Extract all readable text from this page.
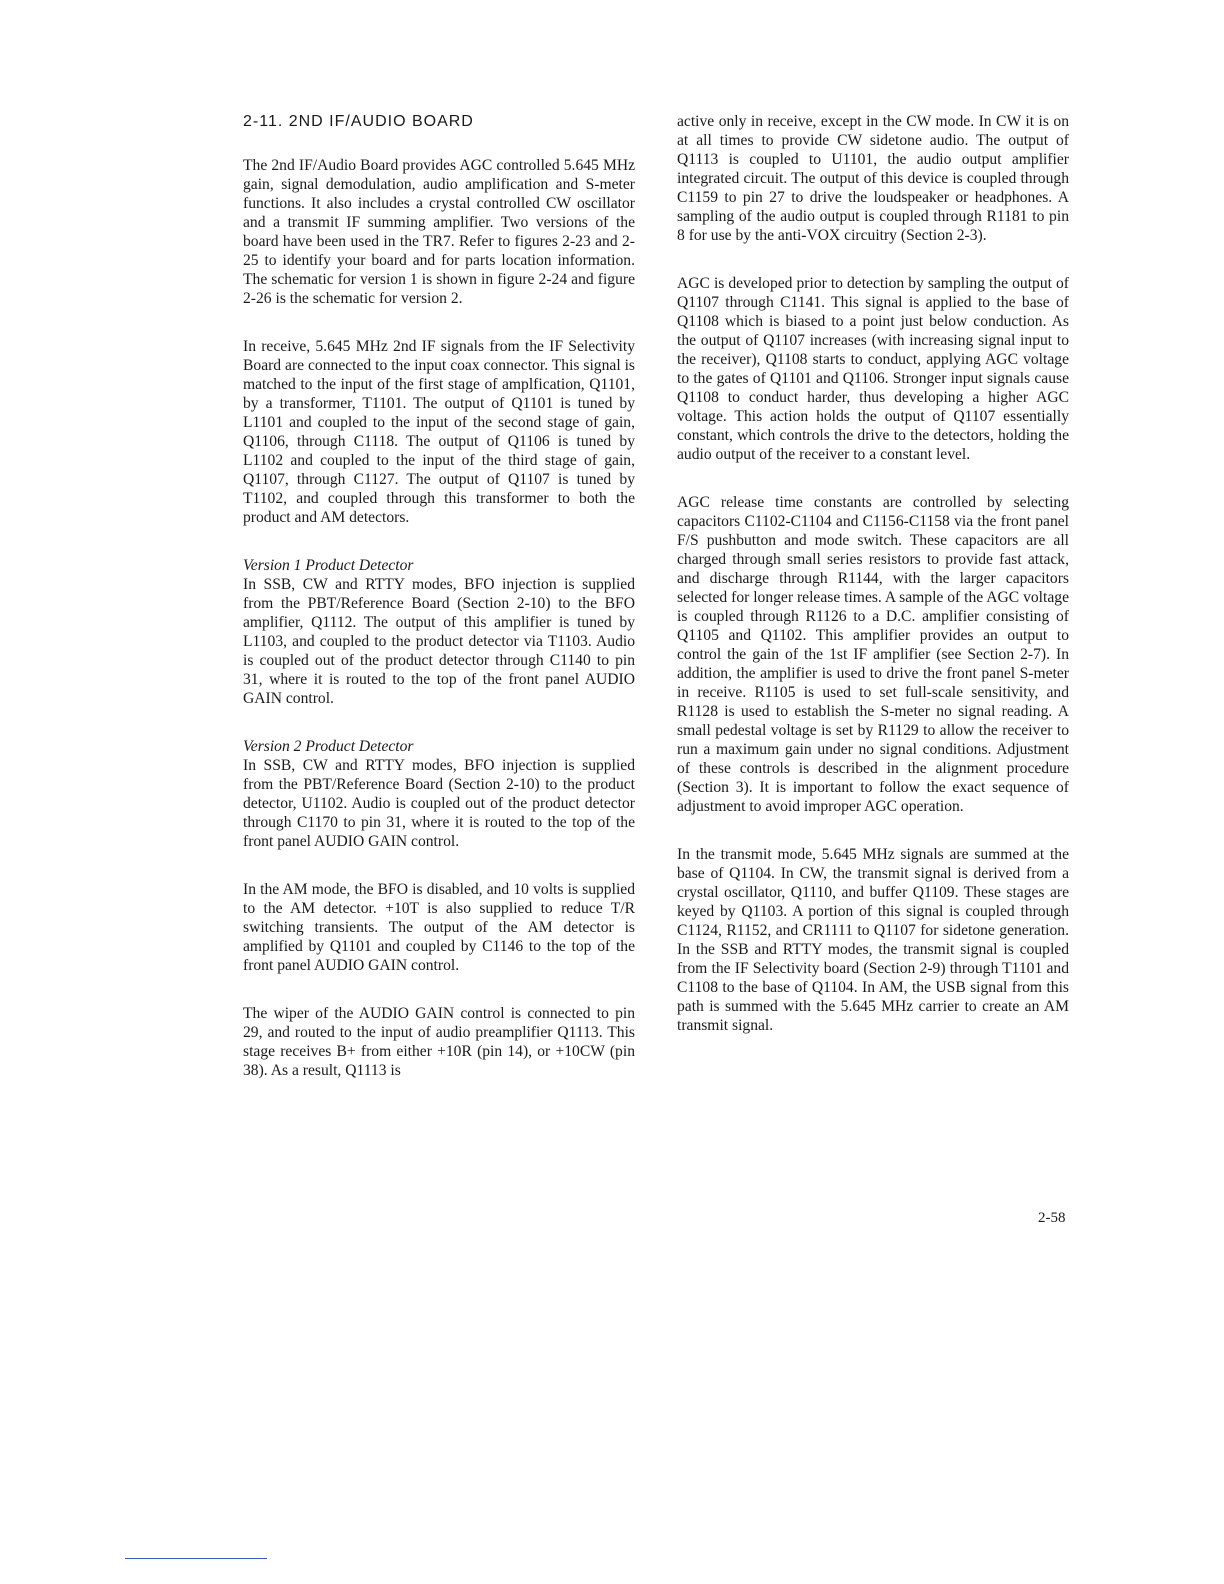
2-11. 2ND IF/AUDIO BOARD

The 2nd IF/Audio Board provides AGC controlled 5.645 MHz gain, signal demodulation, audio amplification and S-meter functions. It also includes a crystal controlled CW oscillator and a transmit IF summing amplifier. Two versions of the board have been used in the TR7. Refer to figures 2-23 and 2-25 to identify your board and for parts location information. The schematic for version 1 is shown in figure 2-24 and figure 2-26 is the schematic for version 2.

In receive, 5.645 MHz 2nd IF signals from the IF Selectivity Board are connected to the input coax connector. This signal is matched to the input of the first stage of amplfication, Q1101, by a transformer, T1101. The output of Q1101 is tuned by L1101 and coupled to the input of the second stage of gain, Q1106, through C1118. The output of Q1106 is tuned by L1102 and coupled to the input of the third stage of gain, Q1107, through C1127. The output of Q1107 is tuned by T1102, and coupled through this transformer to both the product and AM detectors.

Version 1 Product Detector

In SSB, CW and RTTY modes, BFO injection is supplied from the PBT/Reference Board (Section 2-10) to the BFO amplifier, Q1112. The output of this amplifier is tuned by L1103, and coupled to the product detector via T1103. Audio is coupled out of the product detector through C1140 to pin 31, where it is routed to the top of the front panel AUDIO GAIN control.

Version 2 Product Detector

In SSB, CW and RTTY modes, BFO injection is supplied from the PBT/Reference Board (Section 2-10) to the product detector, U1102. Audio is coupled out of the product detector through C1170 to pin 31, where it is routed to the top of the front panel AUDIO GAIN control.

In the AM mode, the BFO is disabled, and 10 volts is supplied to the AM detector. +10T is also supplied to reduce T/R switching transients. The output of the AM detector is amplified by Q1101 and coupled by C1146 to the top of the front panel AUDIO GAIN control.

The wiper of the AUDIO GAIN control is connected to pin 29, and routed to the input of audio preamplifier Q1113. This stage receives B+ from either +10R (pin 14), or +10CW (pin 38). As a result, Q1113 is

active only in receive, except in the CW mode. In CW it is on at all times to provide CW sidetone audio. The output of Q1113 is coupled to U1101, the audio output amplifier integrated circuit. The output of this device is coupled through C1159 to pin 27 to drive the loudspeaker or headphones. A sampling of the audio output is coupled through R1181 to pin 8 for use by the anti-VOX circuitry (Section 2-3).

AGC is developed prior to detection by sampling the output of Q1107 through C1141. This signal is applied to the base of Q1108 which is biased to a point just below conduction. As the output of Q1107 increases (with increasing signal input to the receiver), Q1108 starts to conduct, applying AGC voltage to the gates of Q1101 and Q1106. Stronger input signals cause Q1108 to conduct harder, thus developing a higher AGC voltage. This action holds the output of Q1107 essentially constant, which controls the drive to the detectors, holding the audio output of the receiver to a constant level.

AGC release time constants are controlled by selecting capacitors C1102-C1104 and C1156-C1158 via the front panel F/S pushbutton and mode switch. These capacitors are all charged through small series resistors to provide fast attack, and discharge through R1144, with the larger capacitors selected for longer release times. A sample of the AGC voltage is coupled through R1126 to a D.C. amplifier consisting of Q1105 and Q1102. This amplifier provides an output to control the gain of the 1st IF amplifier (see Section 2-7). In addition, the amplifier is used to drive the front panel S-meter in receive. R1105 is used to set full-scale sensitivity, and R1128 is used to establish the S-meter no signal reading. A small pedestal voltage is set by R1129 to allow the receiver to run a maximum gain under no signal conditions. Adjustment of these controls is described in the alignment procedure (Section 3). It is important to follow the exact sequence of adjustment to avoid improper AGC operation.

In the transmit mode, 5.645 MHz signals are summed at the base of Q1104. In CW, the transmit signal is derived from a crystal oscillator, Q1110, and buffer Q1109. These stages are keyed by Q1103. A portion of this signal is coupled through C1124, R1152, and CR1111 to Q1107 for sidetone generation. In the SSB and RTTY modes, the transmit signal is coupled from the IF Selectivity board (Section 2-9) through T1101 and C1108 to the base of Q1104. In AM, the USB signal from this path is summed with the 5.645 MHz carrier to create an AM transmit signal.

2-58
